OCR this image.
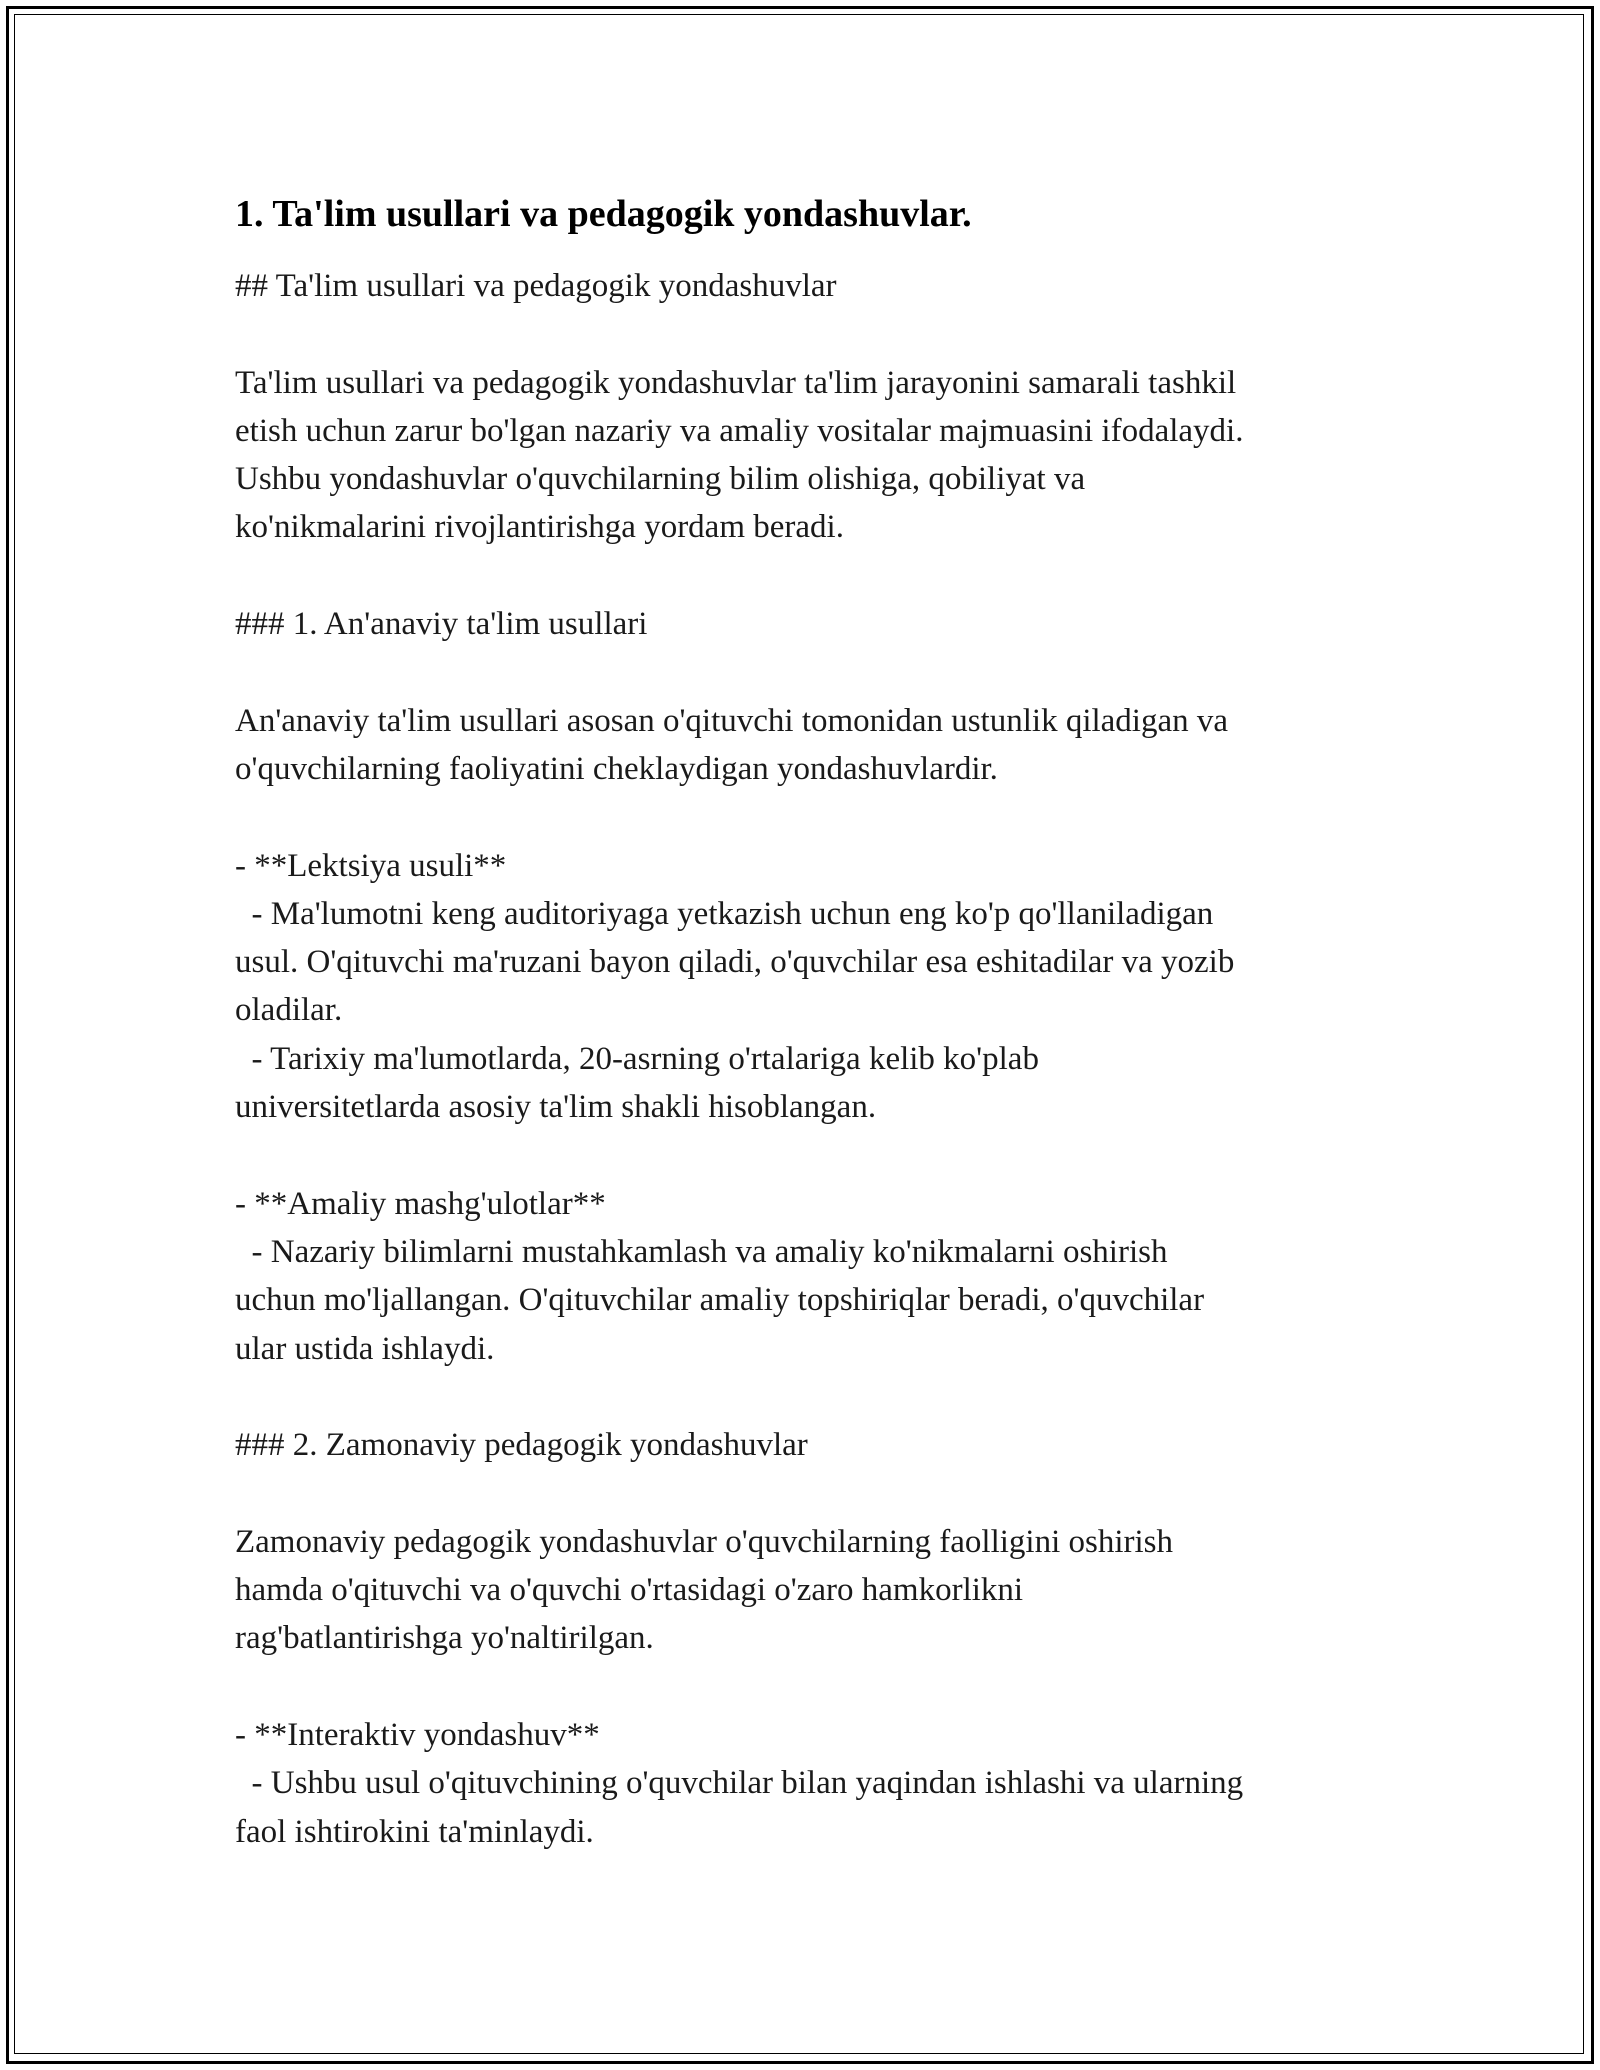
1. Ta'lim usullari va pedagogik yondashuvlar.

## Ta'lim usullari va pedagogik yondashuvlar

Ta'lim usullari va pedagogik yondashuvlar ta'lim jarayonini samarali tashkil

etish uchun zarur bo'lgan nazariy va amaliy vositalar majmuasini ifodalaydi.

Ushbu yondashuvlar o'quvchilarning bilim olishiga, qobiliyat va

ko'nikmalarini rivojlantirishga yordam beradi.

### 1. An'anaviy ta'lim usullari

An'anaviy ta'lim usullari asosan o'qituvchi tomonidan ustunlik qiladigan va

o'quvchilarning faoliyatini cheklaydigan yondashuvlardir.

- **Lektsiya usuli**

- Ma'lumotni keng auditoriyaga yetkazish uchun eng ko'p qo'llaniladigan

usul. O'qituvchi ma'ruzani bayon qiladi, o'quvchilar esa eshitadilar va yozib

oladilar.

- Tarixiy ma'lumotlarda, 20-asrning o'rtalariga kelib ko'plab

universitetlarda asosiy ta'lim shakli hisoblangan.

- **Amaliy mashg'ulotlar**

- Nazariy bilimlarni mustahkamlash va amaliy ko'nikmalarni oshirish

uchun mo'ljallangan. O'qituvchilar amaliy topshiriqlar beradi, o'quvchilar

ular ustida ishlaydi.

### 2. Zamonaviy pedagogik yondashuvlar

Zamonaviy pedagogik yondashuvlar o'quvchilarning faolligini oshirish

hamda o'qituvchi va o'quvchi o'rtasidagi o'zaro hamkorlikni

rag'batlantirishga yo'naltirilgan.

- **Interaktiv yondashuv**

- Ushbu usul o'qituvchining o'quvchilar bilan yaqindan ishlashi va ularning

faol ishtirokini ta'minlaydi.
